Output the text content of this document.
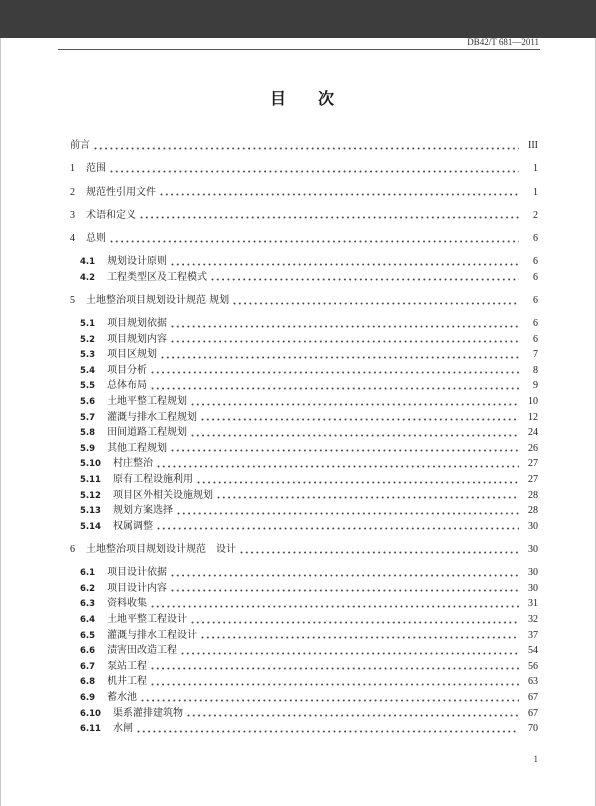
DB42/T 681—2011
目　　次
前言	III
1 范围	1
2 规范性引用文件	1
3 术语和定义	2
4 总则	6
4.1 规划设计原则	6
4.2 工程类型区及工程模式	6
5 土地整治项目规划设计规范 规划	6
5.1 项目规划依据	6
5.2 项目规划内容	6
5.3 项目区规划	7
5.4 项目分析	8
5.5 总体布局	9
5.6 土地平整工程规划	10
5.7 灌溉与排水工程规划	12
5.8 田间道路工程规划	24
5.9 其他工程规划	26
5.10 村庄整治	27
5.11 原有工程设施利用	27
5.12 项目区外相关设施规划	28
5.13 规划方案选择	28
5.14 权属调整	30
6 土地整治项目规划设计规范　设计	30
6.1 项目设计依据	30
6.2 项目设计内容	30
6.3 资料收集	31
6.4 土地平整工程设计	32
6.5 灌溉与排水工程设计	37
6.6 渍害田改造工程	54
6.7 泵站工程	56
6.8 机井工程	63
6.9 蓄水池	67
6.10 渠系灌排建筑物	67
6.11 水闸	70
1
